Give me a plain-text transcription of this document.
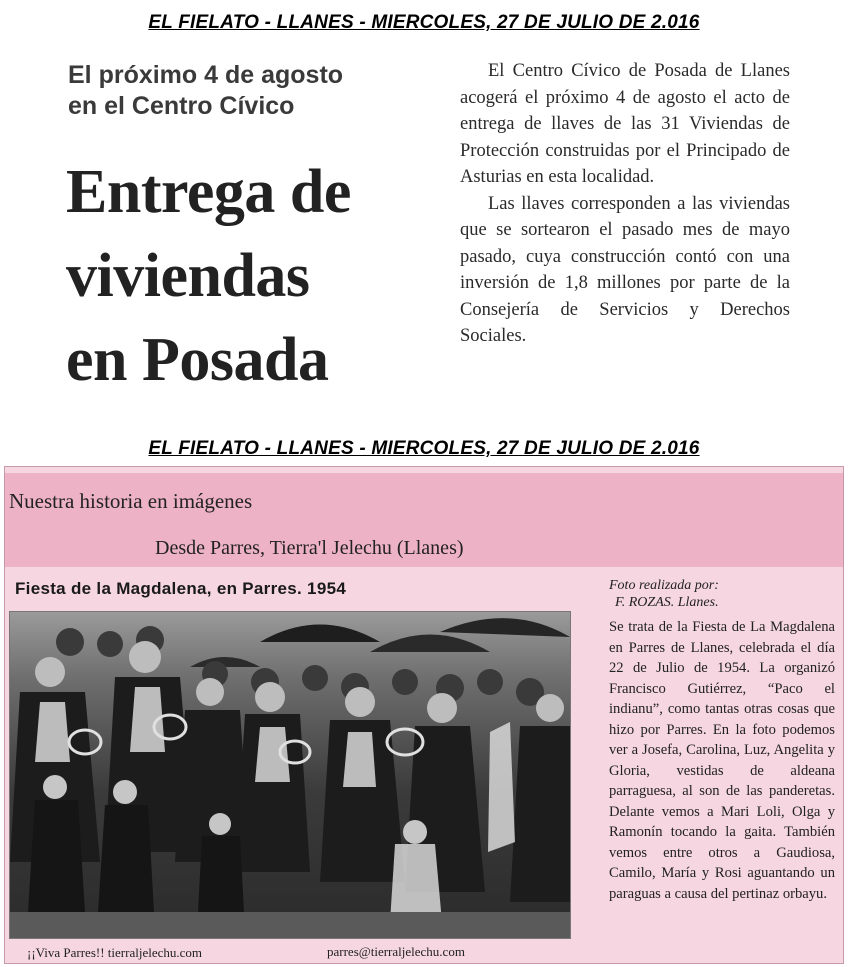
EL FIELATO - LLANES - MIERCOLES, 27 DE JULIO DE 2.016
El próximo 4 de agosto
en el Centro Cívico
Entrega de
viviendas
en Posada

El Centro Cívico de Posada de Llanes acogerá el próximo 4 de agosto el acto de entrega de llaves de las 31 Viviendas de Protección construidas por el Principado de Asturias en esta localidad.

Las llaves corresponden a las viviendas que se sortearon el pasado mes de mayo pasado, cuya construcción contó con una inversión de 1,8 millones por parte de la Consejería de Servicios y Derechos Sociales.

EL FIELATO - LLANES - MIERCOLES, 27 DE JULIO DE 2.016
Nuestra historia en imágenes
Desde Parres, Tierra'l Jelechu (Llanes)
Fiesta de la Magdalena, en Parres. 1954
¡¡Viva Parres!! tierraljelechu.com	parres@tierraljelechu.com
Foto realizada por:
F. ROZAS. Llanes.

Se trata de la Fiesta de La Magdalena en Parres de Llanes, celebrada el día 22 de Julio de 1954. La organizó Francisco Gutiérrez, “Paco el indianu”, como tantas otras cosas que hizo por Parres. En la foto podemos ver a Josefa, Carolina, Luz, Angelita y Gloria, vestidas de aldeana parraguesa, al son de las panderetas. Delante vemos a Mari Loli, Olga y Ramonín tocando la gaita. También vemos entre otros a Gaudiosa, Camilo, María y Rosi aguantando un paraguas a causa del pertinaz orbayu.
